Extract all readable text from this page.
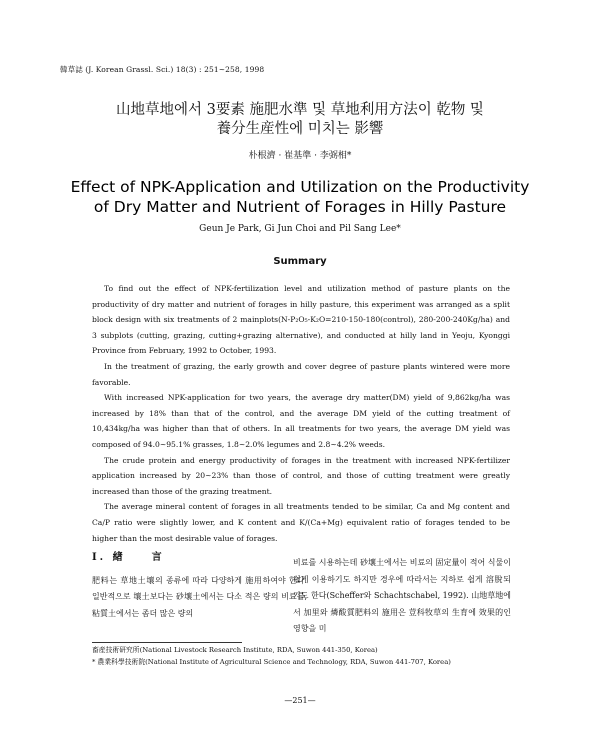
韓草誌 (J. Korean Grassl. Sci.) 18(3) : 251~258, 1998
山地草地에서 3要素 施肥水準 및 草地利用方法이 乾物 및
養分生産性에 미치는 影響
朴根濟 · 崔基準 · 李弼相*
Effect of NPK-Application and Utilization on the Productivity
of Dry Matter and Nutrient of Forages in Hilly Pasture
Geun Je Park, Gi Jun Choi and Pil Sang Lee*
Summary

To find out the effect of NPK-fertilization level and utilization method of pasture plants on the productivity of dry matter and nutrient of forages in hilly pasture, this experiment was arranged as a split block design with six treatments of 2 mainplots(N-P₂O₅-K₂O=210-150-180(control), 280-200-240Kg/ha) and 3 subplots (cutting, grazing, cutting+grazing alternative), and conducted at hilly land in Yeoju, Kyonggi Province from February, 1992 to October, 1993.

In the treatment of grazing, the early growth and cover degree of pasture plants wintered were more favorable.

With increased NPK-application for two years, the average dry matter(DM) yield of 9,862kg/ha was increased by 18% than that of the control, and the average DM yield of the cutting treatment of 10,434kg/ha was higher than that of others. In all treatments for two years, the average DM yield was composed of 94.0~95.1% grasses, 1.8~2.0% legumes and 2.8~4.2% weeds.

The crude protein and energy productivity of forages in the treatment with increased NPK-fertilizer application increased by 20~23% than those of control, and those of cutting treatment were greatly increased than those of the grazing treatment.

The average mineral content of forages in all treatments tended to be similar, Ca and Mg content and Ca/P ratio were slightly lower, and K content and K/(Ca+Mg) equivalent ratio of forages tended to be higher than the most desirable value of forages.

Ⅰ. 緖　　言

肥料는 草地土壤의 종류에 따라 다양하게 施用하여야 한다. 일반적으로 壤土보다는 砂壤土에서는 다소 적은 량의 비료를, 粘質土에서는 좀더 많은 량의

비료를 시용하는데 砂壤土에서는 비료의 固定量이 적어 식물이 쉽게 이용하기도 하지만 경우에 따라서는 지하로 쉽게 溶脫되기도 한다(Scheffer와 Schachtschabel, 1992). 山地草地에서 加里와 燐酸質肥料의 施用은 荳科牧草의 生育에 效果的인 영향을 미

畜産技術研究所(National Livestock Research Institute, RDA, Suwon 441-350, Korea)
* 農業科學技術院(National Institute of Agricultural Science and Technology, RDA, Suwon 441-707, Korea)
—251—
